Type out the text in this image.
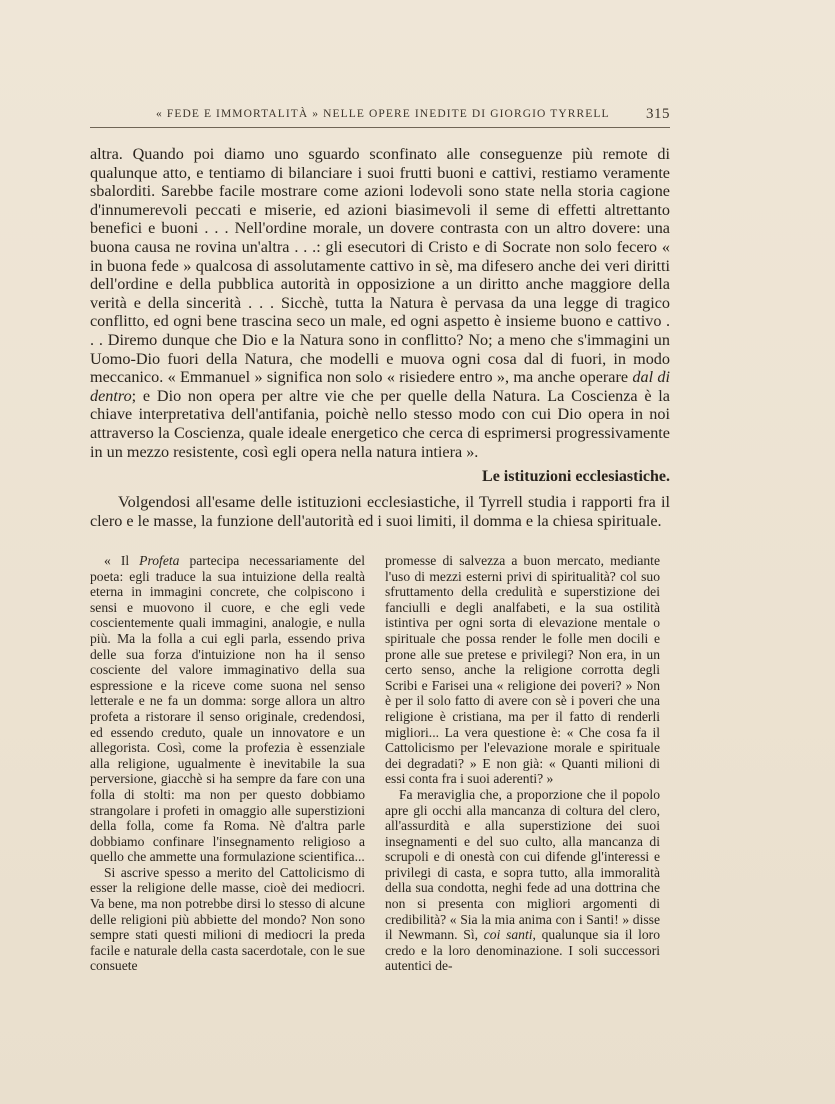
« FEDE E IMMORTALITÀ » NELLE OPERE INEDITE DI GIORGIO TYRRELL 315

altra. Quando poi diamo uno sguardo sconfinato alle conseguenze più remote di qualunque atto, e tentiamo di bilanciare i suoi frutti buoni e cattivi, restiamo veramente sbalorditi. Sarebbe facile mostrare come azioni lodevoli sono state nella storia cagione d'innumerevoli peccati e miserie, ed azioni biasimevoli il seme di effetti altrettanto benefici e buoni . . . Nell'ordine morale, un dovere contrasta con un altro dovere: una buona causa ne rovina un'altra . . .: gli esecutori di Cristo e di Socrate non solo fecero « in buona fede » qualcosa di assolutamente cattivo in sè, ma difesero anche dei veri diritti dell'ordine e della pubblica autorità in opposizione a un diritto anche maggiore della verità e della sincerità . . . Sicchè, tutta la Natura è pervasa da una legge di tragico conflitto, ed ogni bene trascina seco un male, ed ogni aspetto è insieme buono e cattivo . . . Diremo dunque che Dio e la Natura sono in conflitto? No; a meno che s'immagini un Uomo-Dio fuori della Natura, che modelli e muova ogni cosa dal di fuori, in modo meccanico. « Emmanuel » significa non solo « risiedere entro », ma anche operare dal di dentro; e Dio non opera per altre vie che per quelle della Natura. La Coscienza è la chiave interpretativa dell'antifania, poichè nello stesso modo con cui Dio opera in noi attraverso la Coscienza, quale ideale energetico che cerca di esprimersi progressivamente in un mezzo resistente, così egli opera nella natura intiera ».

Le istituzioni ecclesiastiche.

Volgendosi all'esame delle istituzioni ecclesiastiche, il Tyrrell studia i rapporti fra il clero e le masse, la funzione dell'autorità ed i suoi limiti, il domma e la chiesa spirituale.

« Il Profeta partecipa necessariamente del poeta: egli traduce la sua intuizione della realtà eterna in immagini concrete, che colpiscono i sensi e muovono il cuore, e che egli vede coscientemente quali immagini, analogie, e nulla più. Ma la folla a cui egli parla, essendo priva delle sua forza d'intuizione non ha il senso cosciente del valore immaginativo della sua espressione e la riceve come suona nel senso letterale e ne fa un domma: sorge allora un altro profeta a ristorare il senso originale, credendosi, ed essendo creduto, quale un innovatore e un allegorista. Così, come la profezia è essenziale alla religione, ugualmente è inevitabile la sua perversione, giacchè si ha sempre da fare con una folla di stolti: ma non per questo dobbiamo strangolare i profeti in omaggio alle superstizioni della folla, come fa Roma. Nè d'altra parle dobbiamo confinare l'insegnamento religioso a quello che ammette una formulazione scientifica...

Si ascrive spesso a merito del Cattolicismo di esser la religione delle masse, cioè dei mediocri. Va bene, ma non potrebbe dirsi lo stesso di alcune delle religioni più abbiette del mondo? Non sono sempre stati questi milioni di mediocri la preda facile e naturale della casta sacerdotale, con le sue consuete

promesse di salvezza a buon mercato, mediante l'uso di mezzi esterni privi di spiritualità? col suo sfruttamento della credulità e superstizione dei fanciulli e degli analfabeti, e la sua ostilità istintiva per ogni sorta di elevazione mentale o spirituale che possa render le folle men docili e prone alle sue pretese e privilegi? Non era, in un certo senso, anche la religione corrotta degli Scribi e Farisei una « religione dei poveri? » Non è per il solo fatto di avere con sè i poveri che una religione è cristiana, ma per il fatto di renderli migliori... La vera questione è: « Che cosa fa il Cattolicismo per l'elevazione morale e spirituale dei degradati? » E non già: « Quanti milioni di essi conta fra i suoi aderenti? »

Fa meraviglia che, a proporzione che il popolo apre gli occhi alla mancanza di coltura del clero, all'assurdità e alla superstizione dei suoi insegnamenti e del suo culto, alla mancanza di scrupoli e di onestà con cui difende gl'interessi e privilegi di casta, e sopra tutto, alla immoralità della sua condotta, neghi fede ad una dottrina che non si presenta con migliori argomenti di credibilità? « Sia la mia anima con i Santi! » disse il Newmann. Sì, coi santi, qualunque sia il loro credo e la loro denominazione. I soli successori autentici de-
